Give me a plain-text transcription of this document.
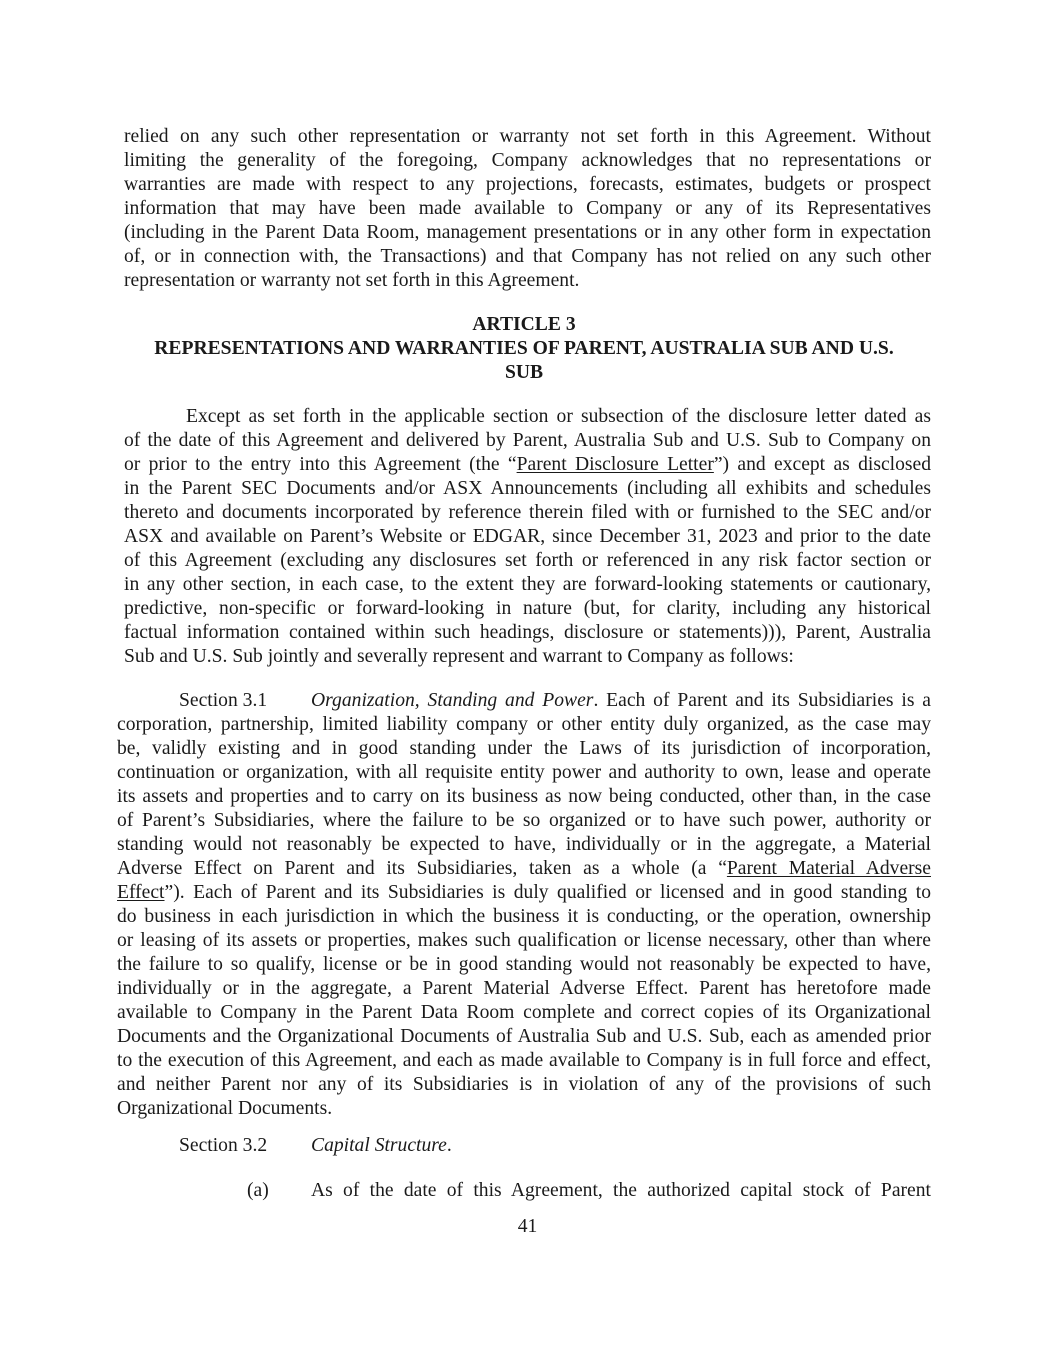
relied on any such other representation or warranty not set forth in this Agreement. Without
limiting the generality of the foregoing, Company acknowledges that no representations or
warranties are made with respect to any projections, forecasts, estimates, budgets or prospect
information that may have been made available to Company or any of its Representatives
(including in the Parent Data Room, management presentations or in any other form in expectation
of, or in connection with, the Transactions) and that Company has not relied on any such other
representation or warranty not set forth in this Agreement.
ARTICLE 3
REPRESENTATIONS AND WARRANTIES OF PARENT, AUSTRALIA SUB AND U.S.
SUB
Except as set forth in the applicable section or subsection of the disclosure letter dated as
of the date of this Agreement and delivered by Parent, Australia Sub and U.S. Sub to Company on
or prior to the entry into this Agreement (the “Parent Disclosure Letter”) and except as disclosed
in the Parent SEC Documents and/or ASX Announcements (including all exhibits and schedules
thereto and documents incorporated by reference therein filed with or furnished to the SEC and/or
ASX and available on Parent’s Website or EDGAR, since December 31, 2023 and prior to the date
of this Agreement (excluding any disclosures set forth or referenced in any risk factor section or
in any other section, in each case, to the extent they are forward-looking statements or cautionary,
predictive, non-specific or forward-looking in nature (but, for clarity, including any historical
factual information contained within such headings, disclosure or statements))), Parent, Australia
Sub and U.S. Sub jointly and severally represent and warrant to Company as follows:
Section 3.1 Organization, Standing and Power. Each of Parent and its Subsidiaries is a
corporation, partnership, limited liability company or other entity duly organized, as the case may
be, validly existing and in good standing under the Laws of its jurisdiction of incorporation,
continuation or organization, with all requisite entity power and authority to own, lease and operate
its assets and properties and to carry on its business as now being conducted, other than, in the case
of Parent’s Subsidiaries, where the failure to be so organized or to have such power, authority or
standing would not reasonably be expected to have, individually or in the aggregate, a Material
Adverse Effect on Parent and its Subsidiaries, taken as a whole (a “Parent Material Adverse
Effect”). Each of Parent and its Subsidiaries is duly qualified or licensed and in good standing to
do business in each jurisdiction in which the business it is conducting, or the operation, ownership
or leasing of its assets or properties, makes such qualification or license necessary, other than where
the failure to so qualify, license or be in good standing would not reasonably be expected to have,
individually or in the aggregate, a Parent Material Adverse Effect. Parent has heretofore made
available to Company in the Parent Data Room complete and correct copies of its Organizational
Documents and the Organizational Documents of Australia Sub and U.S. Sub, each as amended prior
to the execution of this Agreement, and each as made available to Company is in full force and effect,
and neither Parent nor any of its Subsidiaries is in violation of any of the provisions of such
Organizational Documents.
Section 3.2 Capital Structure.
(a) As of the date of this Agreement, the authorized capital stock of Parent
41
